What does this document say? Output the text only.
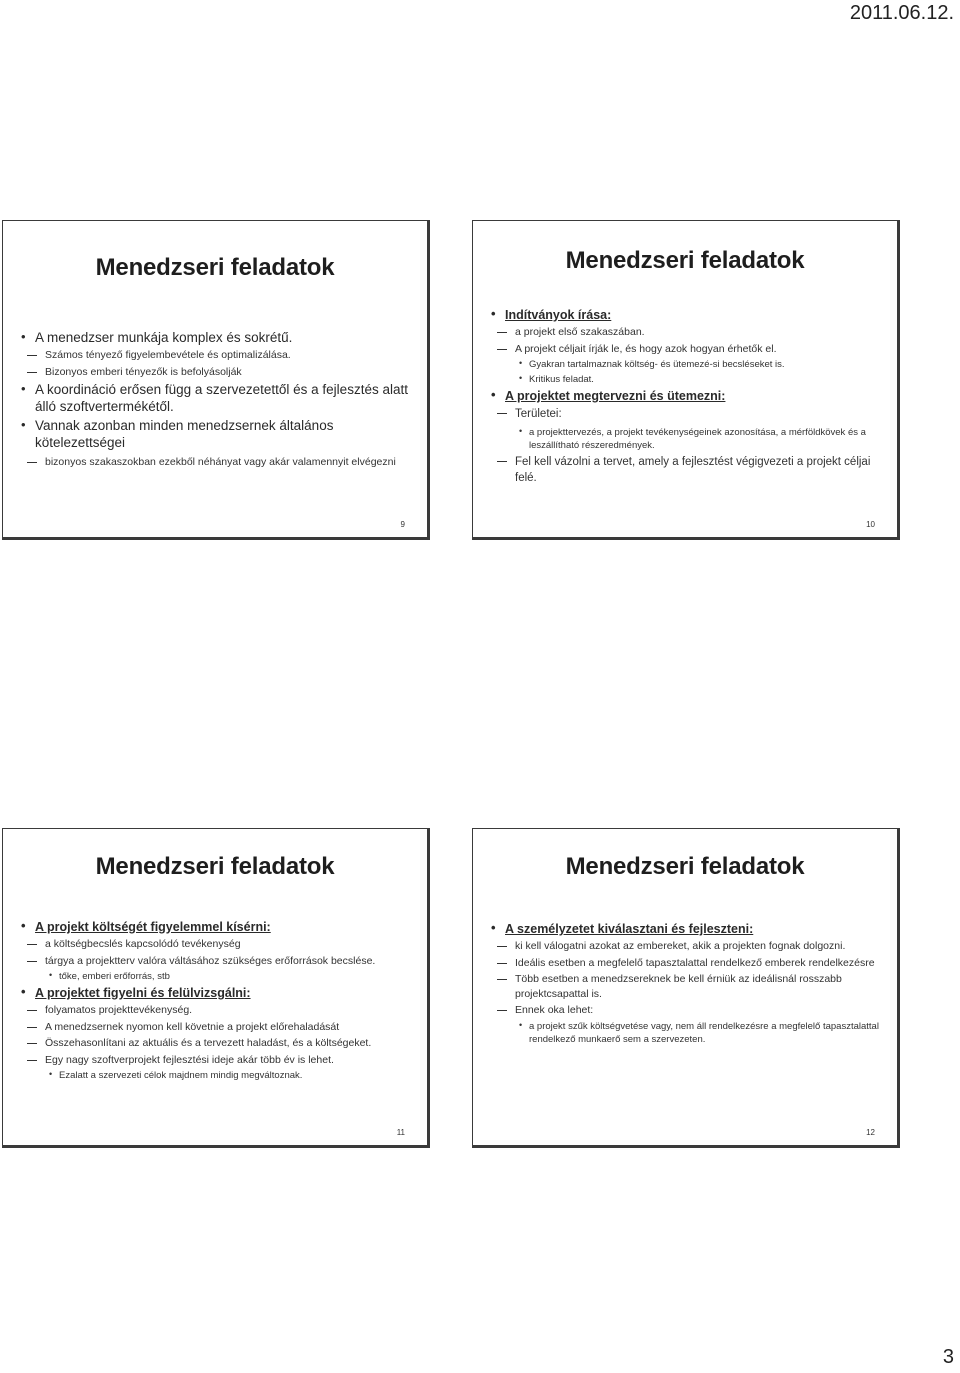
2011.06.12.
Menedzseri feladatok
• A menedzser munkája komplex és sokrétű.
Számos tényező figyelembevétele és optimalizálása.
Bizonyos emberi tényezők is befolyásolják
• A koordináció erősen függ a szervezetettől és a fejlesztés alatt álló szoftvertermékétől.
• Vannak azonban minden menedzsernek általános kötelezettségei
bizonyos szakaszokban ezekből néhányat vagy akár valamennyit elvégezni
9
Menedzseri feladatok
• Indítványok írása:
a projekt első szakaszában.
A projekt céljait írják le, és hogy azok hogyan érhetők el.
• Gyakran tartalmaznak költség- és ütemezé-si becsléseket is.
• Kritikus feladat.
• A projektet megtervezni és ütemezni:
Területei:
• a projekttervezés, a projekt tevékenységeinek azonosítása, a mérföldkövek és a leszállítható részeredmények.
Fel kell vázolni a tervet, amely a fejlesztést végigvezeti a projekt céljai felé.
10
Menedzseri feladatok
• A projekt költségét figyelemmel kísérni:
a költségbecslés kapcsolódó tevékenység
tárgya a projektterv valóra váltásához szükséges erőforrások becslése.
• tőke, emberi erőforrás, stb
• A projektet figyelni és felülvizsgálni:
folyamatos projekttevékenység.
A menedzsernek nyomon kell követnie a projekt előrehaladását
Összehasonlítani az aktuális és a tervezett haladást, és a költségeket.
Egy nagy szoftverprojekt fejlesztési ideje akár több év is lehet.
• Ezalatt a szervezeti célok majdnem mindig megváltoznak.
11
Menedzseri feladatok
• A személyzetet kiválasztani és fejleszteni:
ki kell válogatni azokat az embereket, akik a projekten fognak dolgozni.
Ideális esetben a megfelelő tapasztalattal rendelkező emberek rendelkezésre
Több esetben a menedzsereknek be kell érniük az ideálisnál rosszabb projektcsapattal is.
Ennek oka lehet:
• a projekt szűk költségvetése vagy, nem áll rendelkezésre a megfelelő tapasztalattal rendelkező munkaerő sem a szervezeten.
12
3
